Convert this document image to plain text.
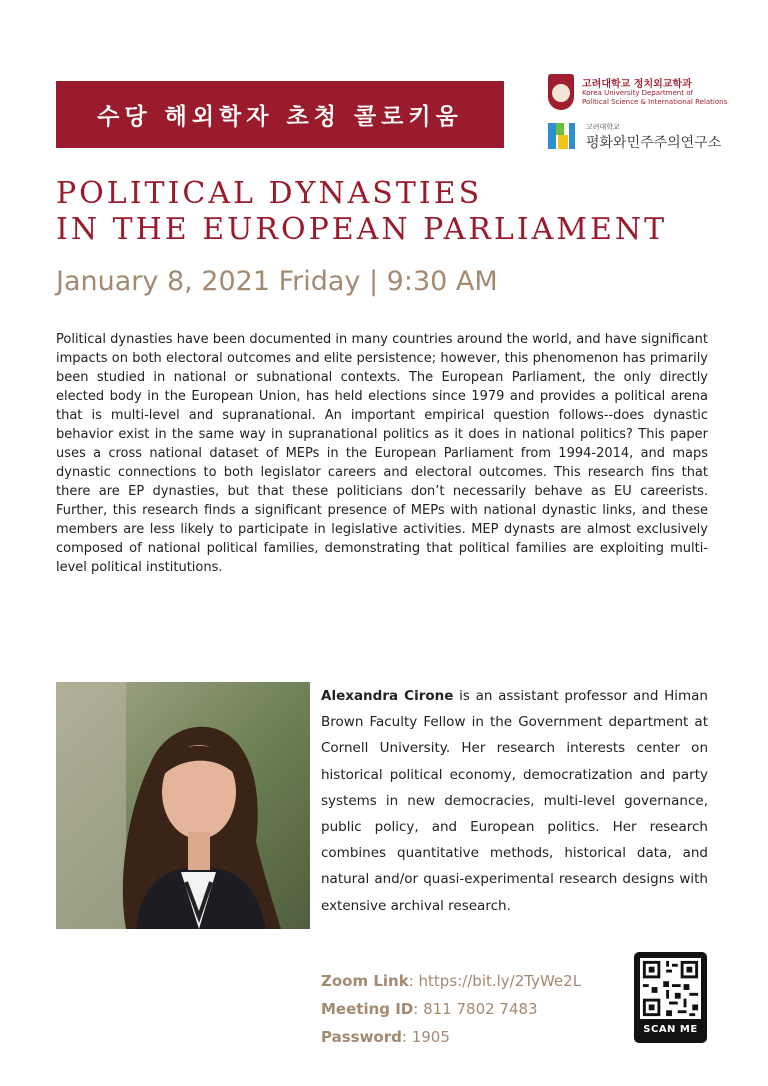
수당 해외학자 초청 콜로키움
고려대학교 정치외교학과
Korea University Department of
Political Science & International Relations
고려대학교
평화와민주주의연구소
POLITICAL DYNASTIES
IN THE EUROPEAN PARLIAMENT
January 8, 2021 Friday | 9:30 AM

Political dynasties have been documented in many countries around the world, and have significant impacts on both electoral outcomes and elite persistence; however, this phenomenon has primarily been studied in national or subnational contexts. The European Parliament, the only directly elected body in the European Union, has held elections since 1979 and provides a political arena that is multi-level and supranational. An important empirical question follows--does dynastic behavior exist in the same way in supranational politics as it does in national politics? This paper uses a cross national dataset of MEPs in the European Parliament from 1994-2014, and maps dynastic connections to both legislator careers and electoral outcomes. This research fins that there are EP dynasties, but that these politicians don’t necessarily behave as EU careerists. Further, this research finds a significant presence of MEPs with national dynastic links, and these members are less likely to participate in legislative activities. MEP dynasts are almost exclusively composed of national political families, demonstrating that political families are exploiting multi-level political institutions.

Alexandra Cirone is an assistant professor and Himan Brown Faculty Fellow in the Government department at Cornell University. Her research interests center on historical political economy, democratization and party systems in new democracies, multi-level governance, public policy, and European politics. Her research combines quantitative methods, historical data, and natural and/or quasi-experimental research designs with extensive archival research.

Zoom Link: https://bit.ly/2TyWe2L
Meeting ID: 811 7802 7483
Password: 1905	SCAN ME
